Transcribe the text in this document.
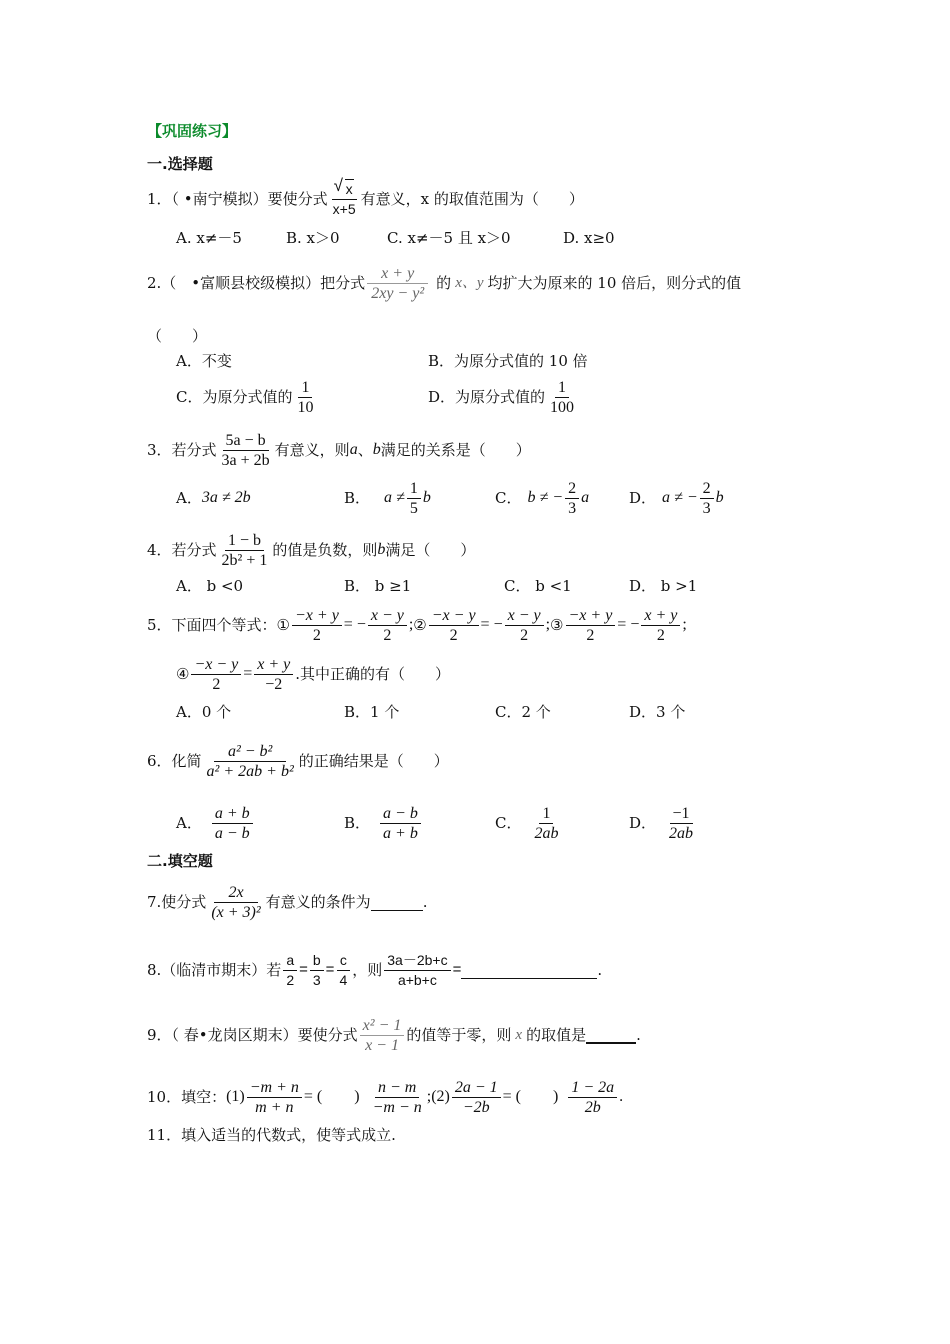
【巩固练习】
一.选择题
1．（ •南宁模拟）要使分式
√ $\frac{x}{x+5}$ 有意义，x 的取值范围为（　　）
A. x≠－5	B. x＞0	C. x≠－5 且 x＞0	D. x≥0
2.（　•富顺县校级模拟）把分式 $\frac{x + y}{\text{2xy − y²}}$ 的 x、y 均扩大为原来的 10 倍后，则分式的值
（　　）
A．不变	B．为原分式值的 10 倍
C．为原分式值的 $\frac{1}{10}$	D．为原分式值的 $\frac{1}{100}$
3．若分式 $\frac{5a - b}{3a + 2b}$ 有意义，则 a 、 b 满足的关系是（　　）
A． 3a ≠ 2b	B． $a \ne \frac{1}{5}$ b	C． b ≠ − $\frac{2}{3}$ a	D． a ≠ − $\frac{2}{3}$ b
4．若分式 $\frac{1 - b}{\text{2b² + 1}}$ 的值是负数，则 b 满足（　　）
A． b <0	B． b ≥1	C． b <1	D． b >1
5．下面四个等式： ① $\frac{-x + y}{2}$ = − $\frac{x - y}{2}$ ; ② $\frac{-x - y}{2}$ = − $\frac{x - y}{2}$ ; ③ $\frac{-x + y}{2}$ = − $\frac{x + y}{2}$ ;
④ $\frac{-x - y}{2} = \frac{x + y}{-2}$ .其中正确的有（　　）
A．0 个	B．1 个	C．2 个	D．3 个
6．化简 $\frac{\text{a² − b²}}{\text{a² + 2ab + b²}}$ 的正确结果是（　　）
A． $\frac{a + b}{a - b}$	B． $\frac{a - b}{a + b}$	C． $\frac{1}{2ab}$	D． $\frac{-1}{2ab}$
二.填空题
7.使分式 $\frac{2x}{\text{(x + 3)²}}$ 有意义的条件为	.
8.（临清市期末）若 $\frac{a}{2} = \frac{b}{3} = \frac{c}{4}$ ，则 $\frac{3a-2b+c}{a+b+c}$ =	.
9．（ 春•龙岗区期末）要使分式 $\frac{\text{x² − 1}}{x - 1}$ 的值等于零，则 x 的取值是	.
10．填空： $(1) \frac{-m + n}{m + n}$ = (　　) $\frac{n - m}{-m - n}$ ; $(2) \frac{2a - 1}{-2b}$ = (　　) $\frac{1 - 2a}{2b}$ .
11．填入适当的代数式，使等式成立.
